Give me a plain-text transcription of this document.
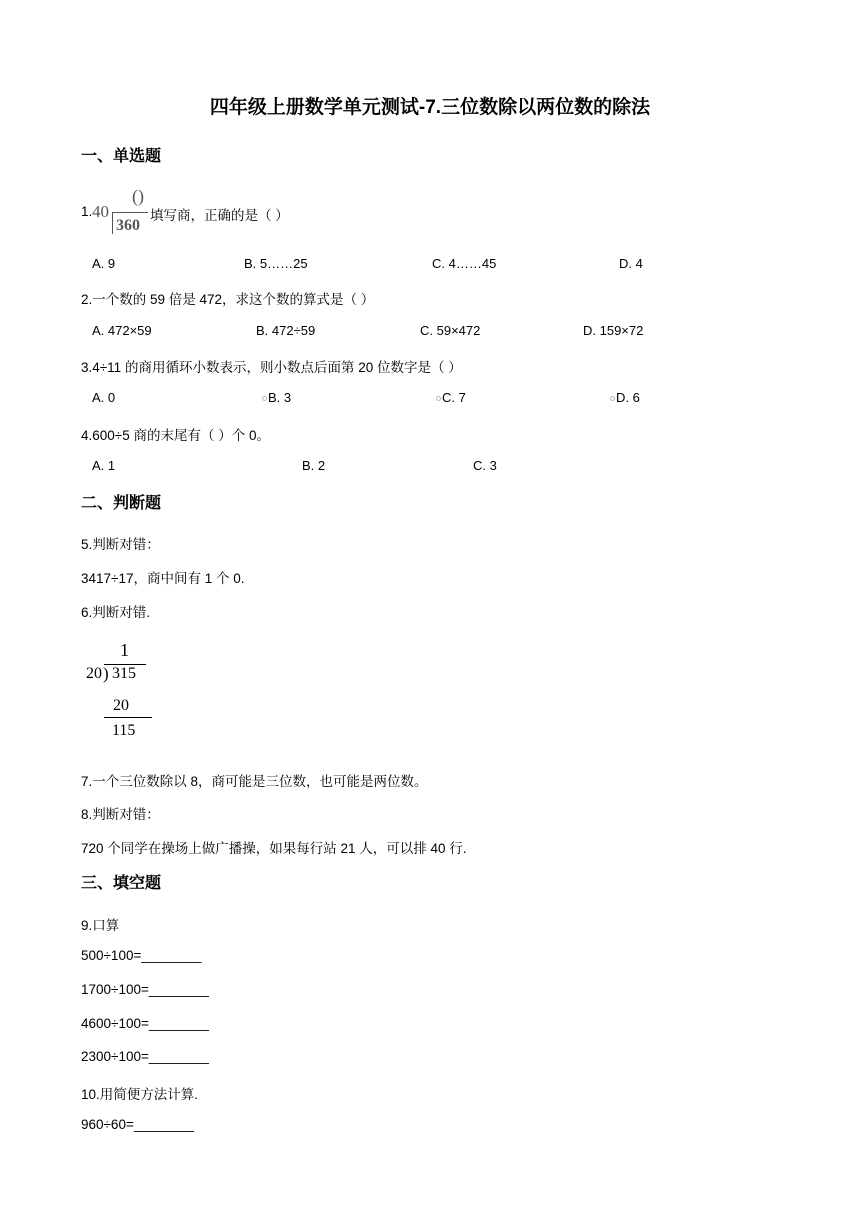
四年级上册数学单元测试-7.三位数除以两位数的除法
一、单选题
1. 40
()
360
填写商，正确的是（ ）
A. 9	B. 5……25	C. 4……45	D. 4
2.一个数的 59 倍是 472，求这个数的算式是（ ）
A. 472×59	B. 472÷59	C. 59×472	D. 159×72
3.4÷11 的商用循环小数表示，则小数点后面第 20 位数字是（ ）
A. 0	B. 3	C. 7	D. 6
4.600÷5 商的末尾有（ ）个 0。
A. 1	B. 2	C. 3
二、判断题
5.判断对错：
3417÷17，商中间有 1 个 0.
6.判断对错.
1
20 ) 315
20
115
7.一个三位数除以 8，商可能是三位数，也可能是两位数。
8.判断对错：
720 个同学在操场上做广播操，如果每行站 21 人，可以排 40 行.
三、填空题
9.口算
500÷100=________
1700÷100=________
4600÷100=________
2300÷100=________
10.用简便方法计算.
960÷60=________
